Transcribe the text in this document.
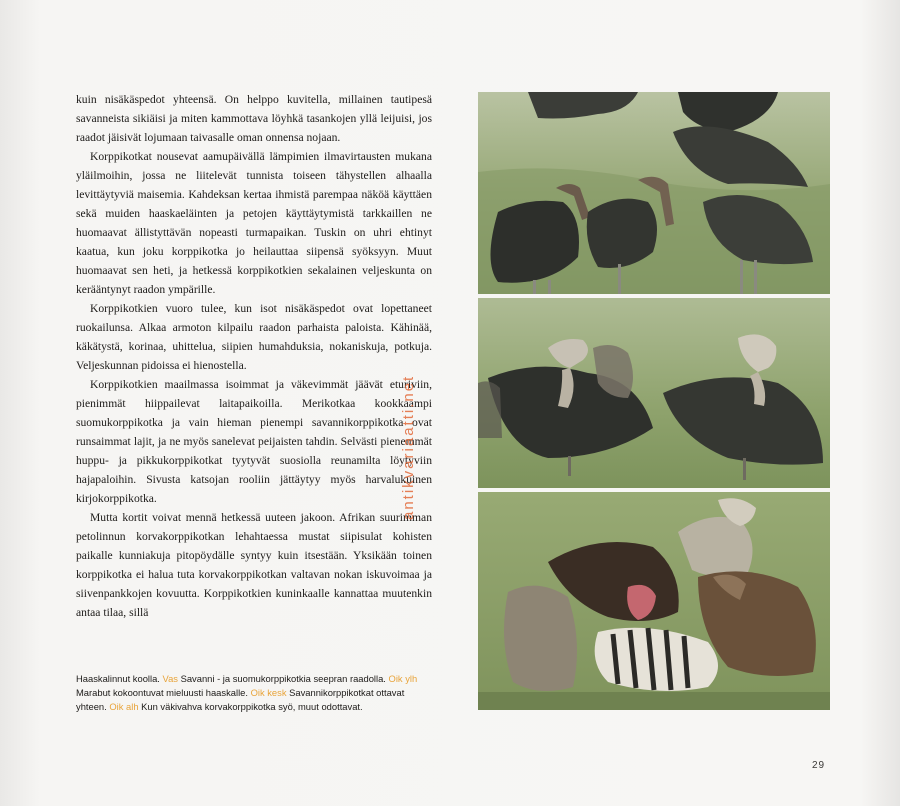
kuin nisäkäspedot yhteensä. On helppo kuvitella, millainen tautipesä savanneista sikiäisi ja miten kammottava löyhkä tasankojen yllä leijuisi, jos raadot jäisivät lojumaan taivasalle oman onnensa nojaan.

Korppikotkat nousevat aamupäivällä lämpimien ilmavirtausten mukana yläilmoihin, jossa ne liitelevät tunnista toiseen tähystellen alhaalla levittäytyviä maisemia. Kahdeksan kertaa ihmistä parempaa näköä käyttäen sekä muiden haaskaeläinten ja petojen käyttäytymistä tarkkaillen ne huomaavat ällistyttävän nopeasti turmapaikan. Tuskin on uhri ehtinyt kaatua, kun joku korppikotka jo heilauttaa siipensä syöksyyn. Muut huomaavat sen heti, ja hetkessä korppikotkien sekalainen veljeskunta on kerääntynyt raadon ympärille.

Korppikotkien vuoro tulee, kun isot nisäkäspedot ovat lopettaneet ruokailunsa. Alkaa armoton kilpailu raadon parhaista paloista. Kähinää, käkätystä, korinaa, uhittelua, siipien humahduksia, nokaniskuja, potkuja. Veljeskunnan pidoissa ei hienostella.

Korppikotkien maailmassa isoimmat ja väkevimmät jäävät eturiviin, pienimmät hiippailevat laitapaikoilla. Merikotkaa kookkaampi suomukorppikotka ja vain hieman pienempi savannikorppikotka ovat runsaimmat lajit, ja ne myös sanelevat peijaisten tahdin. Selvästi pienemmät huppu- ja pikkukorppikotkat tyytyvät suosiolla reunamilta löytyviin hajapaloihin. Sivusta katsojan rooliin jättäytyy myös harvalukuinen kirjokorppikotka.

Mutta kortit voivat mennä hetkessä uuteen jakoon. Afrikan suurimman petolinnun korvakorppikotkan lehahtaessa mustat siipisulat kohisten paikalle kunniakuja pitopöydälle syntyy kuin itsestään. Yksikään toinen korppikotka ei halua tuta korvakorppikotkan valtavan nokan iskuvoimaa ja siivenpankkojen kovuutta. Korppikotkien kuninkaalle kannattaa muutenkin antaa tilaa, sillä

Haaskalinnut koolla. Vas Savanni - ja suomukorppikotkia seepran raadolla. Oik ylh Marabut kokoontuvat mieluusti haaskalle. Oik kesk Savannikorppikotkat ottavat yhteen. Oik alh Kun väkivahva korvakorppikotka syö, muut odottavat.
antikvariaatti.net
29
